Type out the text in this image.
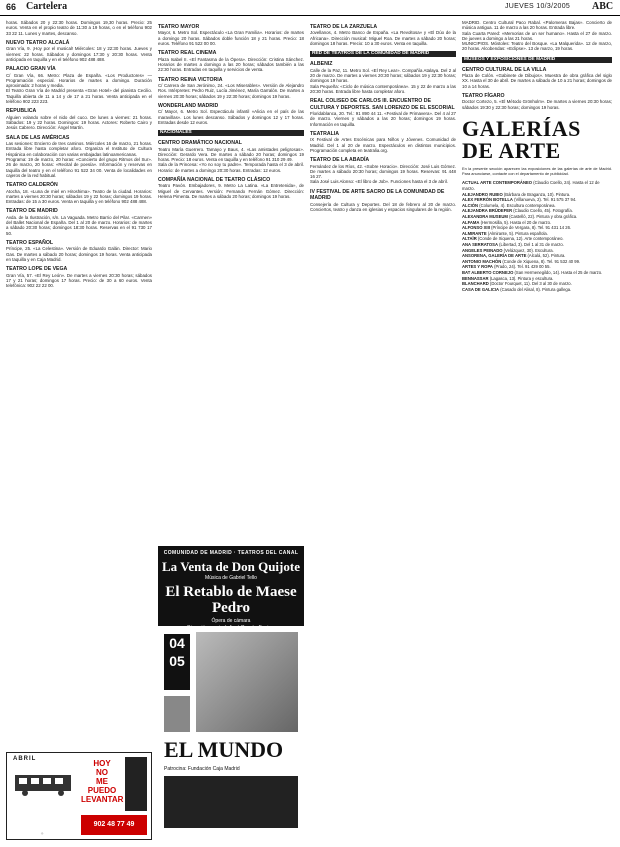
66 Cartelera	JUEVES 10/3/2005 ABC
horas. Sábados 20 y 22:30 horas. Domingos 19,30 horas. Precio: 25 euros. Venta en el propio teatro de 11:30 a 19 horas, o en el teléfono 902 33 22 11. Lunes y martes, descanso.
NUEVO TEATRO ALCALÁ
Gran Vía, 9. ¡Hoy por el musical! Miércoles: 18 y 22:30 horas. Jueves y viernes: 22 horas. Sábados y domingos 17:30 y 20:30 horas. Venta anticipada en taquilla y en el teléfono 902 488 488.
PALACIO GRAN VÍA
C/ Gran Vía, 66. Metro: Plaza de España. «Los Productores» — Programación especial. Horarios de martes a domingo. Duración aproximada: 2 horas y media.
El Teatro Gran Vía de Madrid presenta «Gran Hotel» del pianista Cecilio. Taquilla abierta de 11 a 14 y de 17 a 21 horas. Venta anticipada en el teléfono 902 223 223.
REPUBLICA
Alguien volando sobre el nido del cuco. De lunes a viernes: 21 horas. Sábados: 19 y 22 horas. Domingos: 19 horas. Actores: Roberto Cairo y Jesús Cabrero. Dirección: Ángel Martín.
SALA DE LAS AMÉRICAS
Las sesiones: Encierro de tres caminos. Miércoles 16 de marzo, 21 horas. Entrada libre hasta completar aforo. Organiza el Instituto de Cultura Hispánica en colaboración con varias embajadas latinoamericanas.
Programa: 19 de marzo, 20 horas: «Concierto del grupo Ritmos del Sur». 26 de marzo, 20 horas: «Recital de poesía». Información y reservas en taquilla del teatro y en el teléfono 91 522 34 00. Venta de localidades en cajeros de la red habitual.
TEATRO CALDERÓN
Atocha, 18. «Luna de miel en Hiroshima». Teatro de la ciudad. Horarios: martes a viernes 20:30 horas; sábados 19 y 22 horas; domingos 19 horas. Entradas: de 15 a 30 euros. Venta en taquilla y en teléfono 902 488 488.
TEATRO DE MADRID
Avda. de la Ilustración, s/n. La Vaguada. Metro Barrio del Pilar. «Carmen» del Ballet Nacional de España. Del 1 al 20 de marzo. Horarios: de martes a sábado 20:30 horas; domingos 18:30 horas. Reservas en el 91 730 17 50.
TEATRO ESPAÑOL
Príncipe, 25. «La Celestina». Versión de Eduardo Galán. Director: Mario Gas. De martes a sábado 20 horas; domingos 19 horas. Venta anticipada en taquilla y en Caja Madrid.
TEATRO LOPE DE VEGA
Gran Vía, 57. «El Rey León». De martes a viernes 20:30 horas; sábados 17 y 21 horas; domingos 17 horas. Precio: de 30 a 60 euros. Venta telefónica: 902 22 22 00.
TEATRO MAYOR
Mayor, 6. Metro Sol. Espectáculo «La Gran Familia». Horarios: de martes a domingo 20 horas. Sábados doble función 18 y 21 horas. Precio: 18 euros. Teléfono 91 522 00 00.
TEATRO REAL CINEMA
Plaza Isabel II. «El Fantasma de la Ópera». Dirección: Cristina Sánchez. Horarios de martes a domingo a las 20 horas; sábados también a las 22:30 horas. Entradas en taquilla y servicios de venta.
TEATRO REINA VICTORIA
C/ Carrera de San Jerónimo, 24. «Los Miserables». Versión de Alejandro Ros. Intérpretes: Pedro Ruiz, Lucía Jiménez, María Garralón. De martes a viernes 20:30 horas; sábados 19 y 22:30 horas; domingos 19 horas.
WONDERLAND MADRID
C/ Mayor, 6. Metro Sol. Espectáculo infantil «Alicia en el país de las maravillas». Los lunes descanso. Sábados y domingos 12 y 17 horas. Entradas desde 12 euros.
NACIONALES
CENTRO DRAMÁTICO NACIONAL
Teatro María Guerrero. Tamayo y Baus, 4. «Las amistades peligrosas». Dirección: Gerardo Vera. De martes a sábado 20 horas; domingos 19 horas. Precio: 18 euros. Venta en taquilla y en teléfono 91 310 29 49.
Sala de la Princesa: «Yo no soy tu padre». Temporada hasta el 3 de abril. Horario: de martes a domingo 20:30 horas. Entradas: 12 euros.
COMPAÑÍA NACIONAL DE TEATRO CLÁSICO
Teatro Pavón. Embajadores, 9. Metro La Latina. «La Entretenida», de Miguel de Cervantes. Versión: Fernando Fernán Gómez. Dirección: Helena Pimenta. De martes a sábado 20 horas; domingos 19 horas.
TEATRO DE LA ZARZUELA
Jovellanos, 4. Metro Banco de España. «La Revoltosa» y «El Dúo de la Africana». Dirección musical: Miguel Roa. De martes a sábado 20 horas; domingos 18 horas. Precio: 10 a 30 euros. Venta en taquilla.
RED DE TEATROS DE LA COMUNIDAD DE MADRID
ALBENIZ
Calle de la Paz, 11. Metro Sol. «El Rey Lear». Compañía Atalaya. Del 2 al 20 de marzo. De martes a viernes 20:30 horas; sábados 19 y 22:30 horas; domingos 19 horas.
Sala Pequeña: «Ciclo de música contemporánea». 15 y 22 de marzo a las 20:30 horas. Entrada libre hasta completar aforo.
REAL COLISEO DE CARLOS III. ENCUENTRO DE CULTURA Y DEPORTES. SAN LORENZO DE EL ESCORIAL
Floridablanca, 20. Tel.: 91 890 44 11. «Festival de Primavera». Del 4 al 27 de marzo. Viernes y sábados a las 20 horas; domingos 19 horas. Información en taquilla.
TEATRALIA
IX Festival de Artes Escénicas para Niños y Jóvenes. Comunidad de Madrid. Del 1 al 20 de marzo. Espectáculos en distintos municipios. Programación completa en teatralia.org.
TEATRO DE LA ABADÍA
Fernández de los Ríos, 42. «Sobre Horacio». Dirección: José Luis Gómez. De martes a sábado 20:30 horas; domingos 19 horas. Reservas: 91 448 16 27.
Sala José Luis Alonso: «El libro de Job». Funciones hasta el 3 de abril.
IV FESTIVAL DE ARTE SACRO DE LA COMUNIDAD DE MADRID
Consejería de Cultura y Deportes. Del 18 de febrero al 20 de marzo. Conciertos, teatro y danza en iglesias y espacios singulares de la región.
MADRID. Centro Cultural Paco Rabal. «Palomeras Bajas». Concierto de música antigua. 11 de marzo a las 20 horas. Entrada libre.
Sala Cuarta Pared: «Memorias de un ser humano». Hasta el 27 de marzo. De jueves a domingo a las 21 horas.
MUNICIPIOS. Móstoles: Teatro del Bosque. «La Malquerida». 12 de marzo, 20 horas. Alcobendas: «Eclipse». 13 de marzo, 19 horas.
MUSEOS Y EXPOSICIONES DE MADRID
CENTRO CULTURAL DE LA VILLA
Plaza de Colón. «Gabinete de Dibujos». Muestra de obra gráfica del siglo XX. Hasta el 30 de abril. De martes a sábado de 10 a 21 horas; domingos de 10 a 14 horas.
TEATRO FÍGARO
Doctor Cortezo, 5. «El Método Grönholm». De martes a viernes 20:30 horas; sábados 19:30 y 22:30 horas; domingos 19 horas.
GALERÍAS DE ARTE
En la presente sección aparecen las exposiciones de las galerías de arte de Madrid. Para anunciarse, contacte con el departamento de publicidad.
ACTUAL ARTE CONTEMPORÁNEO (Claudio Coello, 24). Hasta el 12 de marzo.
ALEJANDRO RUBIO (Bárbara de Braganza, 10). Pintura.
ALEX FERRÓN BOTELLA (Villanueva, 2). Tel. 91 575 37 94.
ALCIÓN (Columela, 4). Escultura contemporánea.
ALEJANDRA BRÜDEFER (Claudio Coello, 45). Fotografía.
ALEXANDRA MUSEUM (Castelló, 22). Pintura y obra gráfica.
ALFAMA (Hermosilla, 5). Hasta el 20 de marzo.
ALFONSO XIII (Príncipe de Vergara, 8). Tel. 91 431 14 26.
ALMIRANTE (Almirante, 5). Pintura española.
ALTAÏR (Conde de Xiquena, 12). Arte contemporáneo.
ANA SERRATOSA (Libertad, 3). Del 1 al 31 de marzo.
ANGELES PEINADO (Velázquez, 30). Escultura.
ANSORENA, GALERÍA DE ARTE (Alcalá, 52). Pintura.
ANTONIO MACHÓN (Conde de Xiquena, 8). Tel. 91 532 40 99.
ARTES Y ROPA (Prado, 24). Tel. 91 429 00 55.
BAT ALBERTO CORNEJO (San Hermenegildo, 14). Hasta el 25 de marzo.
BENNASSAR (Lagasca, 13). Pintura y escultura.
BLANCHARD (Doctor Fourquet, 11). Del 3 al 30 de marzo.
CASA DE GALICIA (Casado del Alisal, 8). Pintura gallega.
ABRIL	HOY
NO
ME
PUEDO
LEVANTAR
902 48 77 49
COMUNIDAD DE MADRID · TEATROS DEL CANAL
La Venta de Don Quijote
Música de Gabriel Tello
El Retablo de Maese Pedro
Ópera de cámara
04 05
EL MUNDO
Patrocina: Fundación Caja Madrid
·
